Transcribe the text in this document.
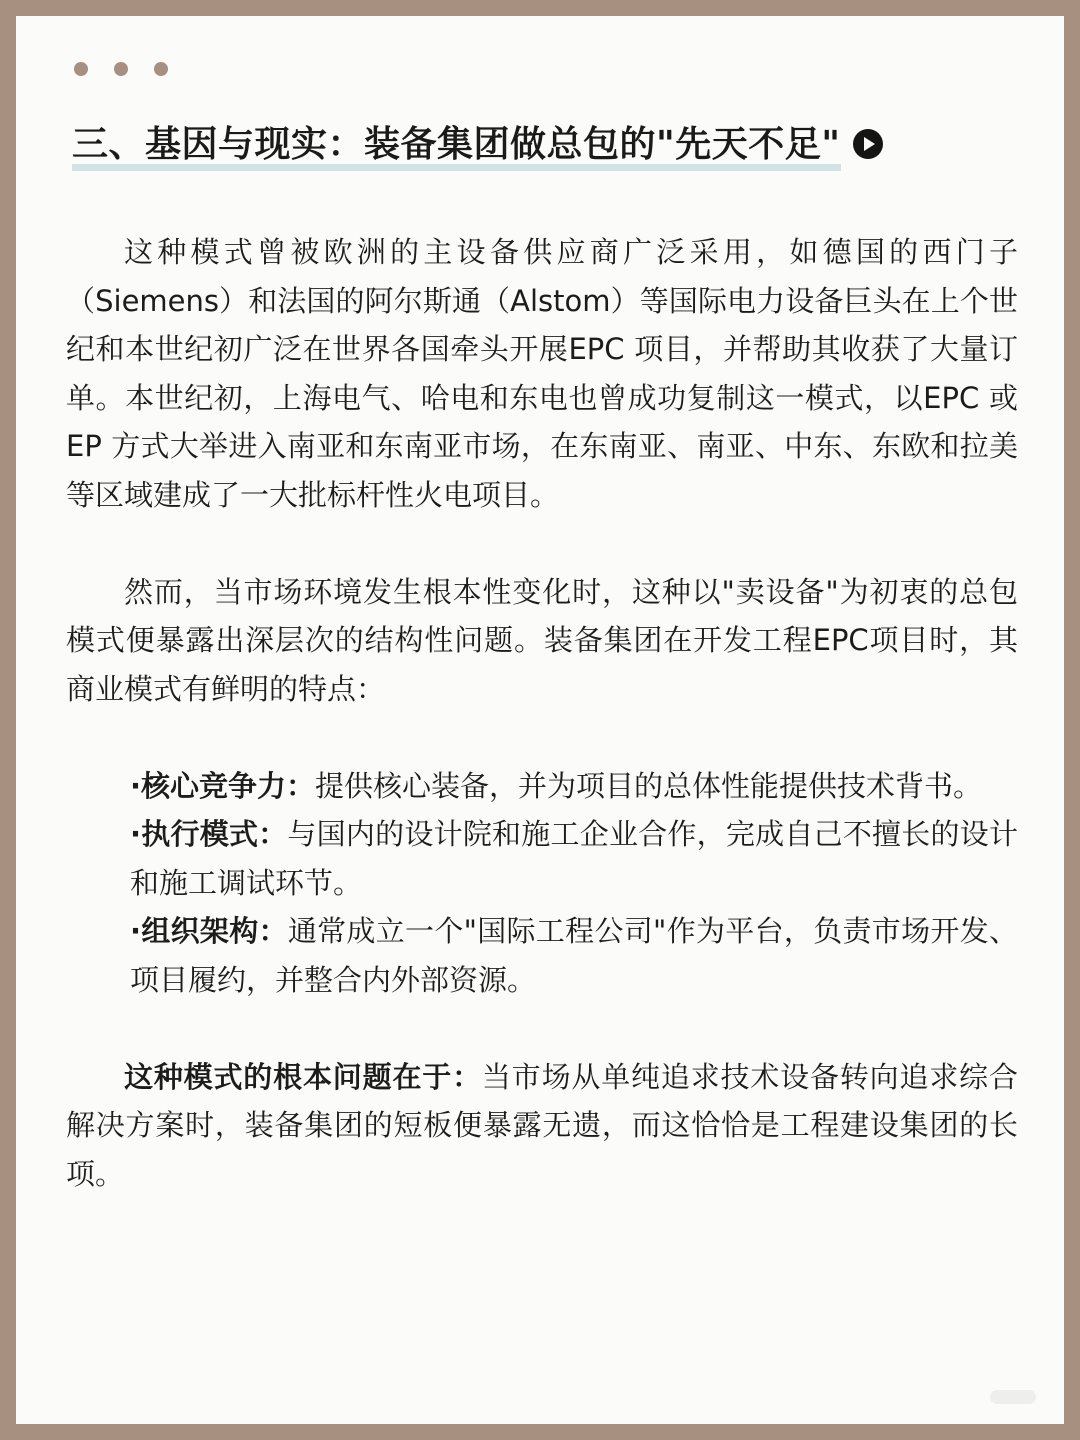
三、基因与现实：装备集团做总包的"先天不足"

这种模式曾被欧洲的主设备供应商广泛采用，如德国的西门子（Siemens）和法国的阿尔斯通（Alstom）等国际电力设备巨头在上个世纪和本世纪初广泛在世界各国牵头开展EPC 项目，并帮助其收获了大量订单。本世纪初，上海电气、哈电和东电也曾成功复制这一模式，以EPC 或 EP 方式大举进入南亚和东南亚市场，在东南亚、南亚、中东、东欧和拉美等区域建成了一大批标杆性火电项目。

然而，当市场环境发生根本性变化时，这种以"卖设备"为初衷的总包模式便暴露出深层次的结构性问题。装备集团在开发工程EPC项目时，其商业模式有鲜明的特点：

·核心竞争力：提供核心装备，并为项目的总体性能提供技术背书。

·执行模式：与国内的设计院和施工企业合作，完成自己不擅长的设计和施工调试环节。

·组织架构：通常成立一个"国际工程公司"作为平台，负责市场开发、项目履约，并整合内外部资源。

这种模式的根本问题在于：当市场从单纯追求技术设备转向追求综合解决方案时，装备集团的短板便暴露无遗，而这恰恰是工程建设集团的长项。
